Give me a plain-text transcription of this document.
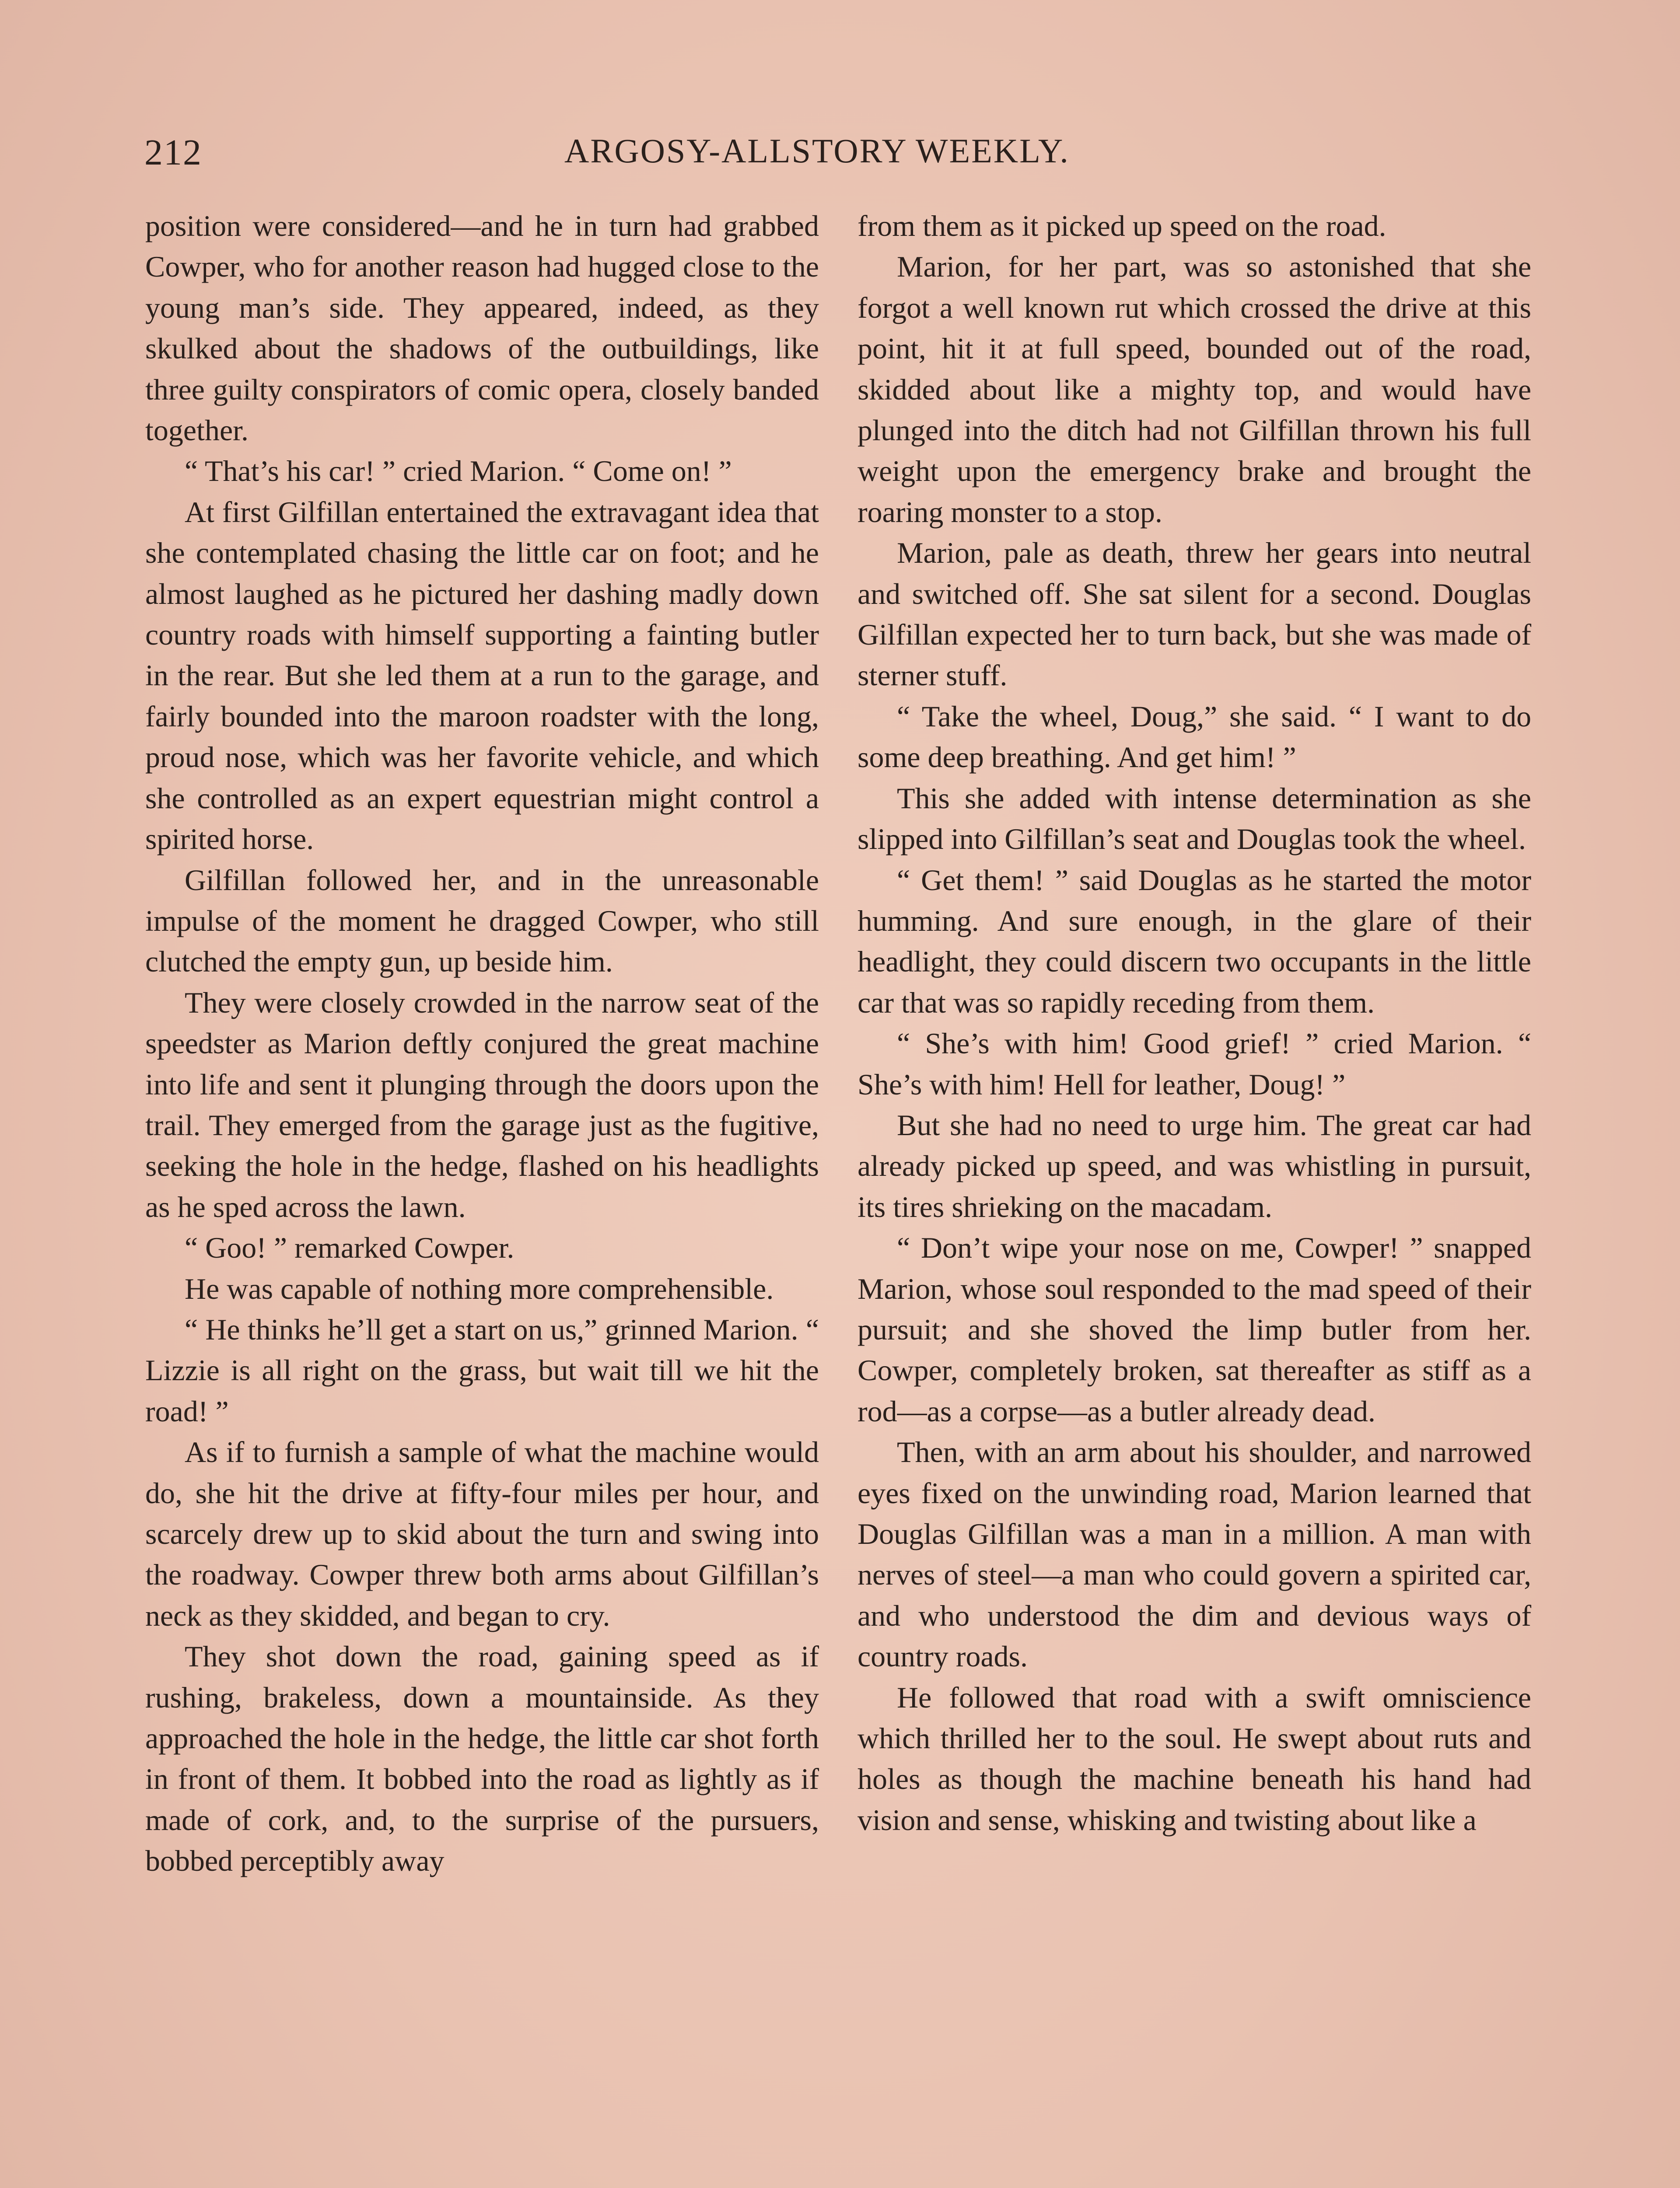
212	ARGOSY-ALLSTORY WEEKLY.

position were considered—and he in turn had grabbed Cowper, who for another reason had hugged close to the young man’s side. They appeared, indeed, as they skulked about the shadows of the outbuildings, like three guilty conspirators of comic opera, closely banded together.

“ That’s his car! ” cried Marion. “ Come on! ”

At first Gilfillan entertained the extravagant idea that she contemplated chasing the little car on foot; and he almost laughed as he pictured her dashing madly down country roads with himself supporting a fainting butler in the rear. But she led them at a run to the garage, and fairly bounded into the maroon roadster with the long, proud nose, which was her favorite vehicle, and which she controlled as an expert equestrian might control a spirited horse.

Gilfillan followed her, and in the unreasonable impulse of the moment he dragged Cowper, who still clutched the empty gun, up beside him.

They were closely crowded in the narrow seat of the speedster as Marion deftly conjured the great machine into life and sent it plunging through the doors upon the trail. They emerged from the garage just as the fugitive, seeking the hole in the hedge, flashed on his headlights as he sped across the lawn.

“ Goo! ” remarked Cowper.

He was capable of nothing more comprehensible.

“ He thinks he’ll get a start on us,” grinned Marion. “ Lizzie is all right on the grass, but wait till we hit the road! ”

As if to furnish a sample of what the machine would do, she hit the drive at fifty-four miles per hour, and scarcely drew up to skid about the turn and swing into the roadway. Cowper threw both arms about Gilfillan’s neck as they skidded, and began to cry.

They shot down the road, gaining speed as if rushing, brakeless, down a mountainside. As they approached the hole in the hedge, the little car shot forth in front of them. It bobbed into the road as lightly as if made of cork, and, to the surprise of the pursuers, bobbed perceptibly away

from them as it picked up speed on the road.

Marion, for her part, was so astonished that she forgot a well known rut which crossed the drive at this point, hit it at full speed, bounded out of the road, skidded about like a mighty top, and would have plunged into the ditch had not Gilfillan thrown his full weight upon the emergency brake and brought the roaring monster to a stop.

Marion, pale as death, threw her gears into neutral and switched off. She sat silent for a second. Douglas Gilfillan expected her to turn back, but she was made of sterner stuff.

“ Take the wheel, Doug,” she said. “ I want to do some deep breathing. And get him! ”

This she added with intense determination as she slipped into Gilfillan’s seat and Douglas took the wheel.

“ Get them! ” said Douglas as he started the motor humming. And sure enough, in the glare of their headlight, they could discern two occupants in the little car that was so rapidly receding from them.

“ She’s with him! Good grief! ” cried Marion. “ She’s with him! Hell for leather, Doug! ”

But she had no need to urge him. The great car had already picked up speed, and was whistling in pursuit, its tires shrieking on the macadam.

“ Don’t wipe your nose on me, Cowper! ” snapped Marion, whose soul responded to the mad speed of their pursuit; and she shoved the limp butler from her. Cowper, completely broken, sat thereafter as stiff as a rod—as a corpse—as a butler already dead.

Then, with an arm about his shoulder, and narrowed eyes fixed on the unwinding road, Marion learned that Douglas Gilfillan was a man in a million. A man with nerves of steel—a man who could govern a spirited car, and who understood the dim and devious ways of country roads.

He followed that road with a swift omniscience which thrilled her to the soul. He swept about ruts and holes as though the machine beneath his hand had vision and sense, whisking and twisting about like a
